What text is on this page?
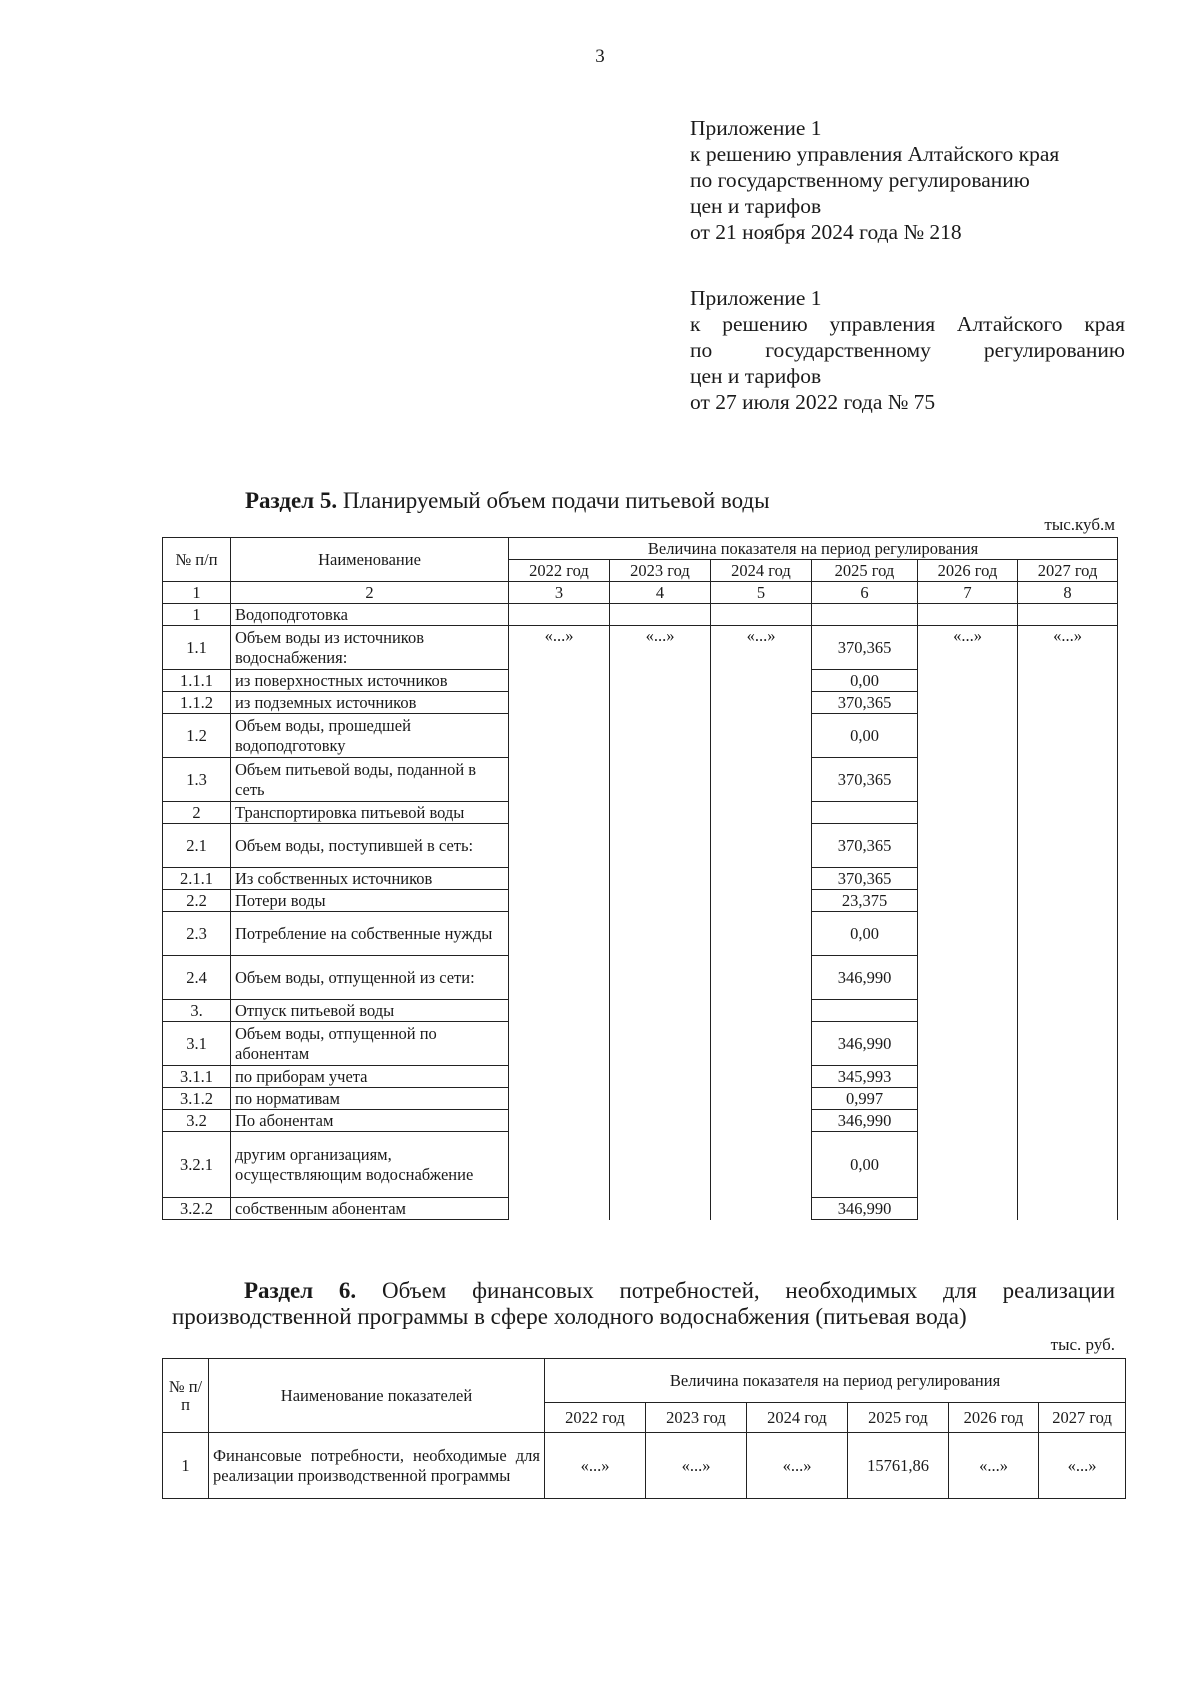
3
Приложение 1
к решению управления Алтайского края
по государственному регулированию
цен и тарифов
от 21 ноября 2024 года № 218
Приложение 1
к решению управления Алтайского края
по государственному регулированию
цен и тарифов
от 27 июля 2022 года № 75
Раздел 5. Планируемый объем подачи питьевой воды
тыс.куб.м
№ п/п	Наименование	Величина показателя на период регулирования					
		2022 год	2023 год	2024 год	2025 год	2026 год	2027 год
1	2	3	4	5	6	7	8
1	Водоподготовка						
1.1	Объем воды из источников водоснабжения:	«...»	«...»	«...»	370,365	«...»	«...»
1.1.1	из поверхностных источников				0,00		
1.1.2	из подземных источников				370,365		
1.2	Объем воды, прошедшей водоподготовку				0,00		
1.3	Объем питьевой воды, поданной в сеть				370,365		
2	Транспортировка питьевой воды						
2.1	Объем воды, поступившей в сеть:				370,365		
2.1.1	Из собственных источников				370,365		
2.2	Потери воды				23,375		
2.3	Потребление на собственные нужды				0,00		
2.4	Объем воды, отпущенной из сети:				346,990		
3.	Отпуск питьевой воды						
3.1	Объем воды, отпущенной по абонентам				346,990		
3.1.1	по приборам учета				345,993		
3.1.2	по нормативам				0,997		
3.2	По абонентам				346,990		
3.2.1	другим организациям, осуществляющим водоснабжение				0,00		
3.2.2	собственным абонентам				346,990		
Раздел 6. Объем финансовых потребностей, необходимых для реализации
производственной программы в сфере холодного водоснабжения (питьевая вода)
тыс. руб.
№ п/ п	Наименование показателей	Величина показателя на период регулирования					
		2022 год	2023 год	2024 год	2025 год	2026 год	2027 год
1	Финансовые потребности, необходимые для реализации производственной программы	«...»	«...»	«...»	15761,86	«...»	«...»
